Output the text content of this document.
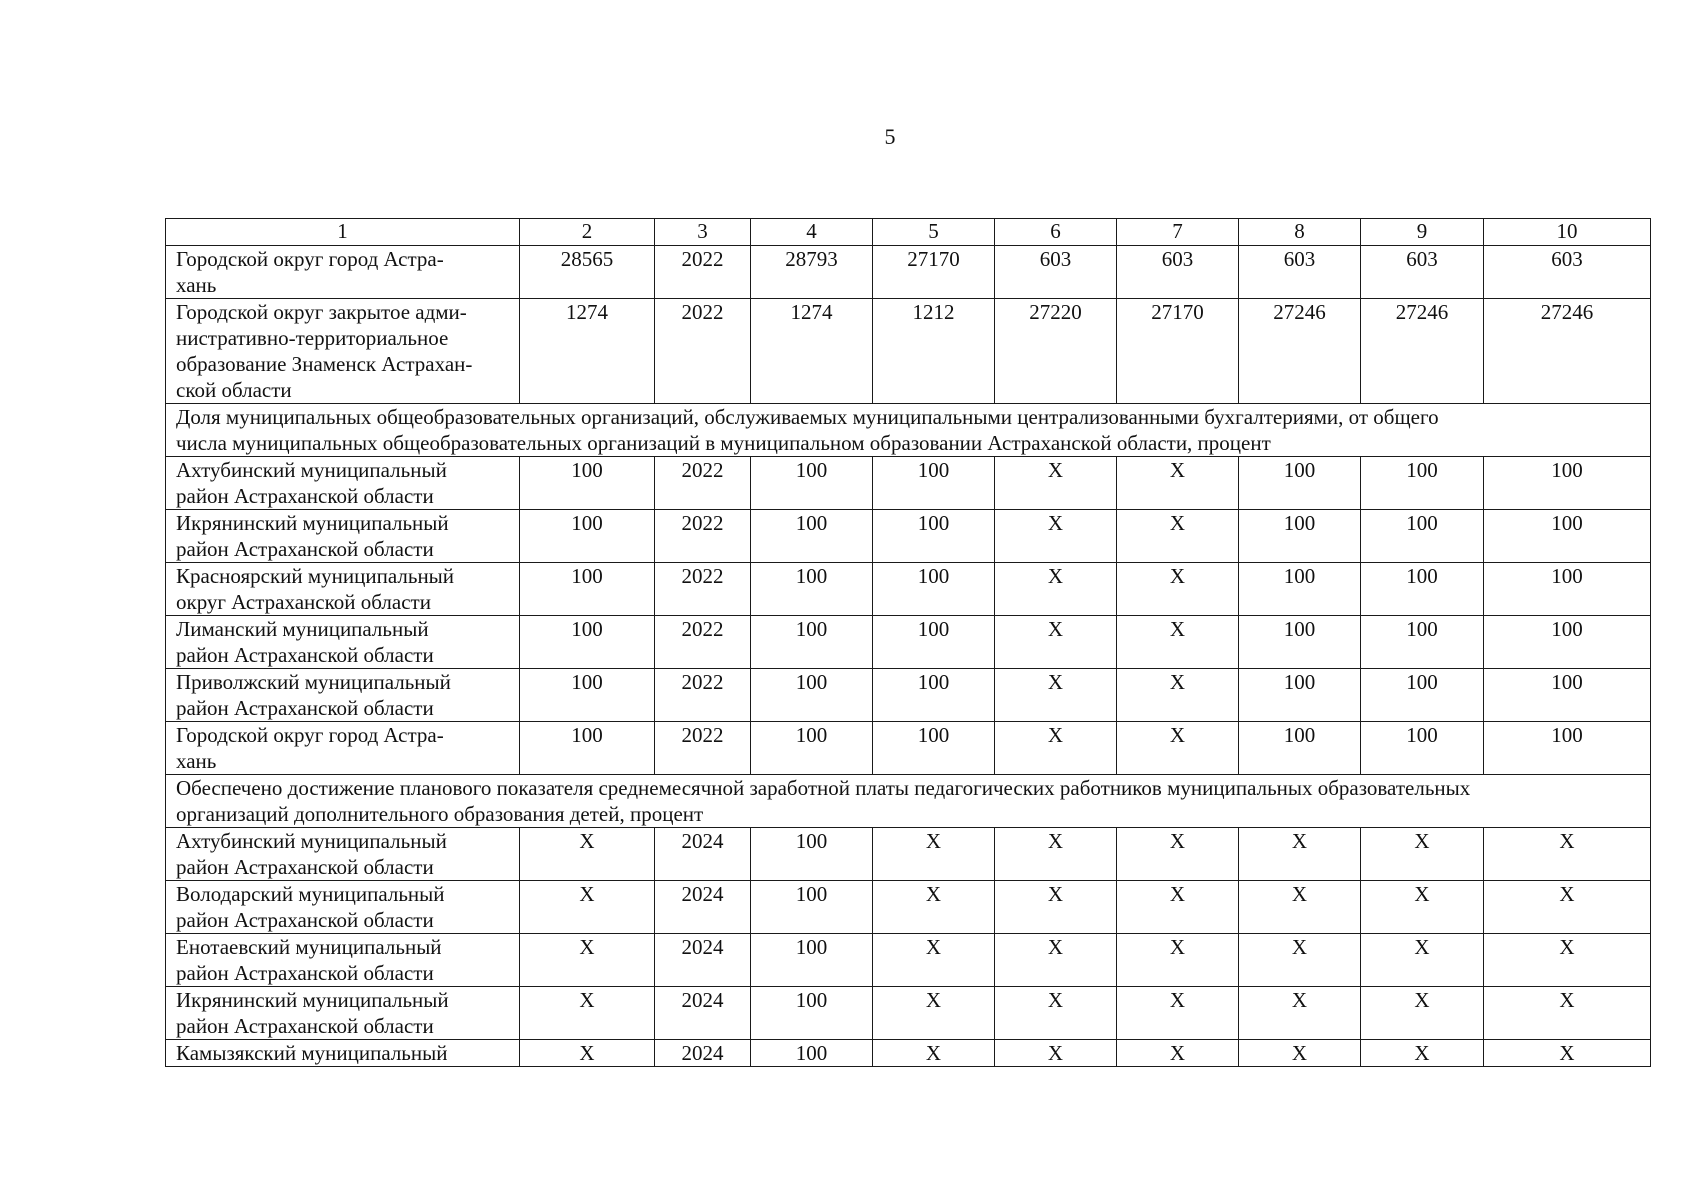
5
1	2	3	4	5	6	7	8	9	10
Городской округ город Астра-
хань	28565	2022	28793	27170	603	603	603	603	603
Городской округ закрытое адми-
нистративно-территориальное
образование Знаменск Астрахан-
ской области	1274	2022	1274	1212	27220	27170	27246	27246	27246
Доля муниципальных общеобразовательных организаций, обслуживаемых муниципальными централизованными бухгалтериями, от общего
числа муниципальных общеобразовательных организаций в муниципальном образовании Астраханской области, процент									
Ахтубинский муниципальный
район Астраханской области	100	2022	100	100	X	X	100	100	100
Икрянинский муниципальный
район Астраханской области	100	2022	100	100	X	X	100	100	100
Красноярский муниципальный
округ Астраханской области	100	2022	100	100	X	X	100	100	100
Лиманский муниципальный
район Астраханской области	100	2022	100	100	X	X	100	100	100
Приволжский муниципальный
район Астраханской области	100	2022	100	100	X	X	100	100	100
Городской округ город Астра-
хань	100	2022	100	100	X	X	100	100	100
Обеспечено достижение планового показателя среднемесячной заработной платы педагогических работников муниципальных образовательных
организаций дополнительного образования детей, процент									
Ахтубинский муниципальный
район Астраханской области	X	2024	100	X	X	X	X	X	X
Володарский муниципальный
район Астраханской области	X	2024	100	X	X	X	X	X	X
Енотаевский муниципальный
район Астраханской области	X	2024	100	X	X	X	X	X	X
Икрянинский муниципальный
район Астраханской области	X	2024	100	X	X	X	X	X	X
Камызякский муниципальный	X	2024	100	X	X	X	X	X	X
